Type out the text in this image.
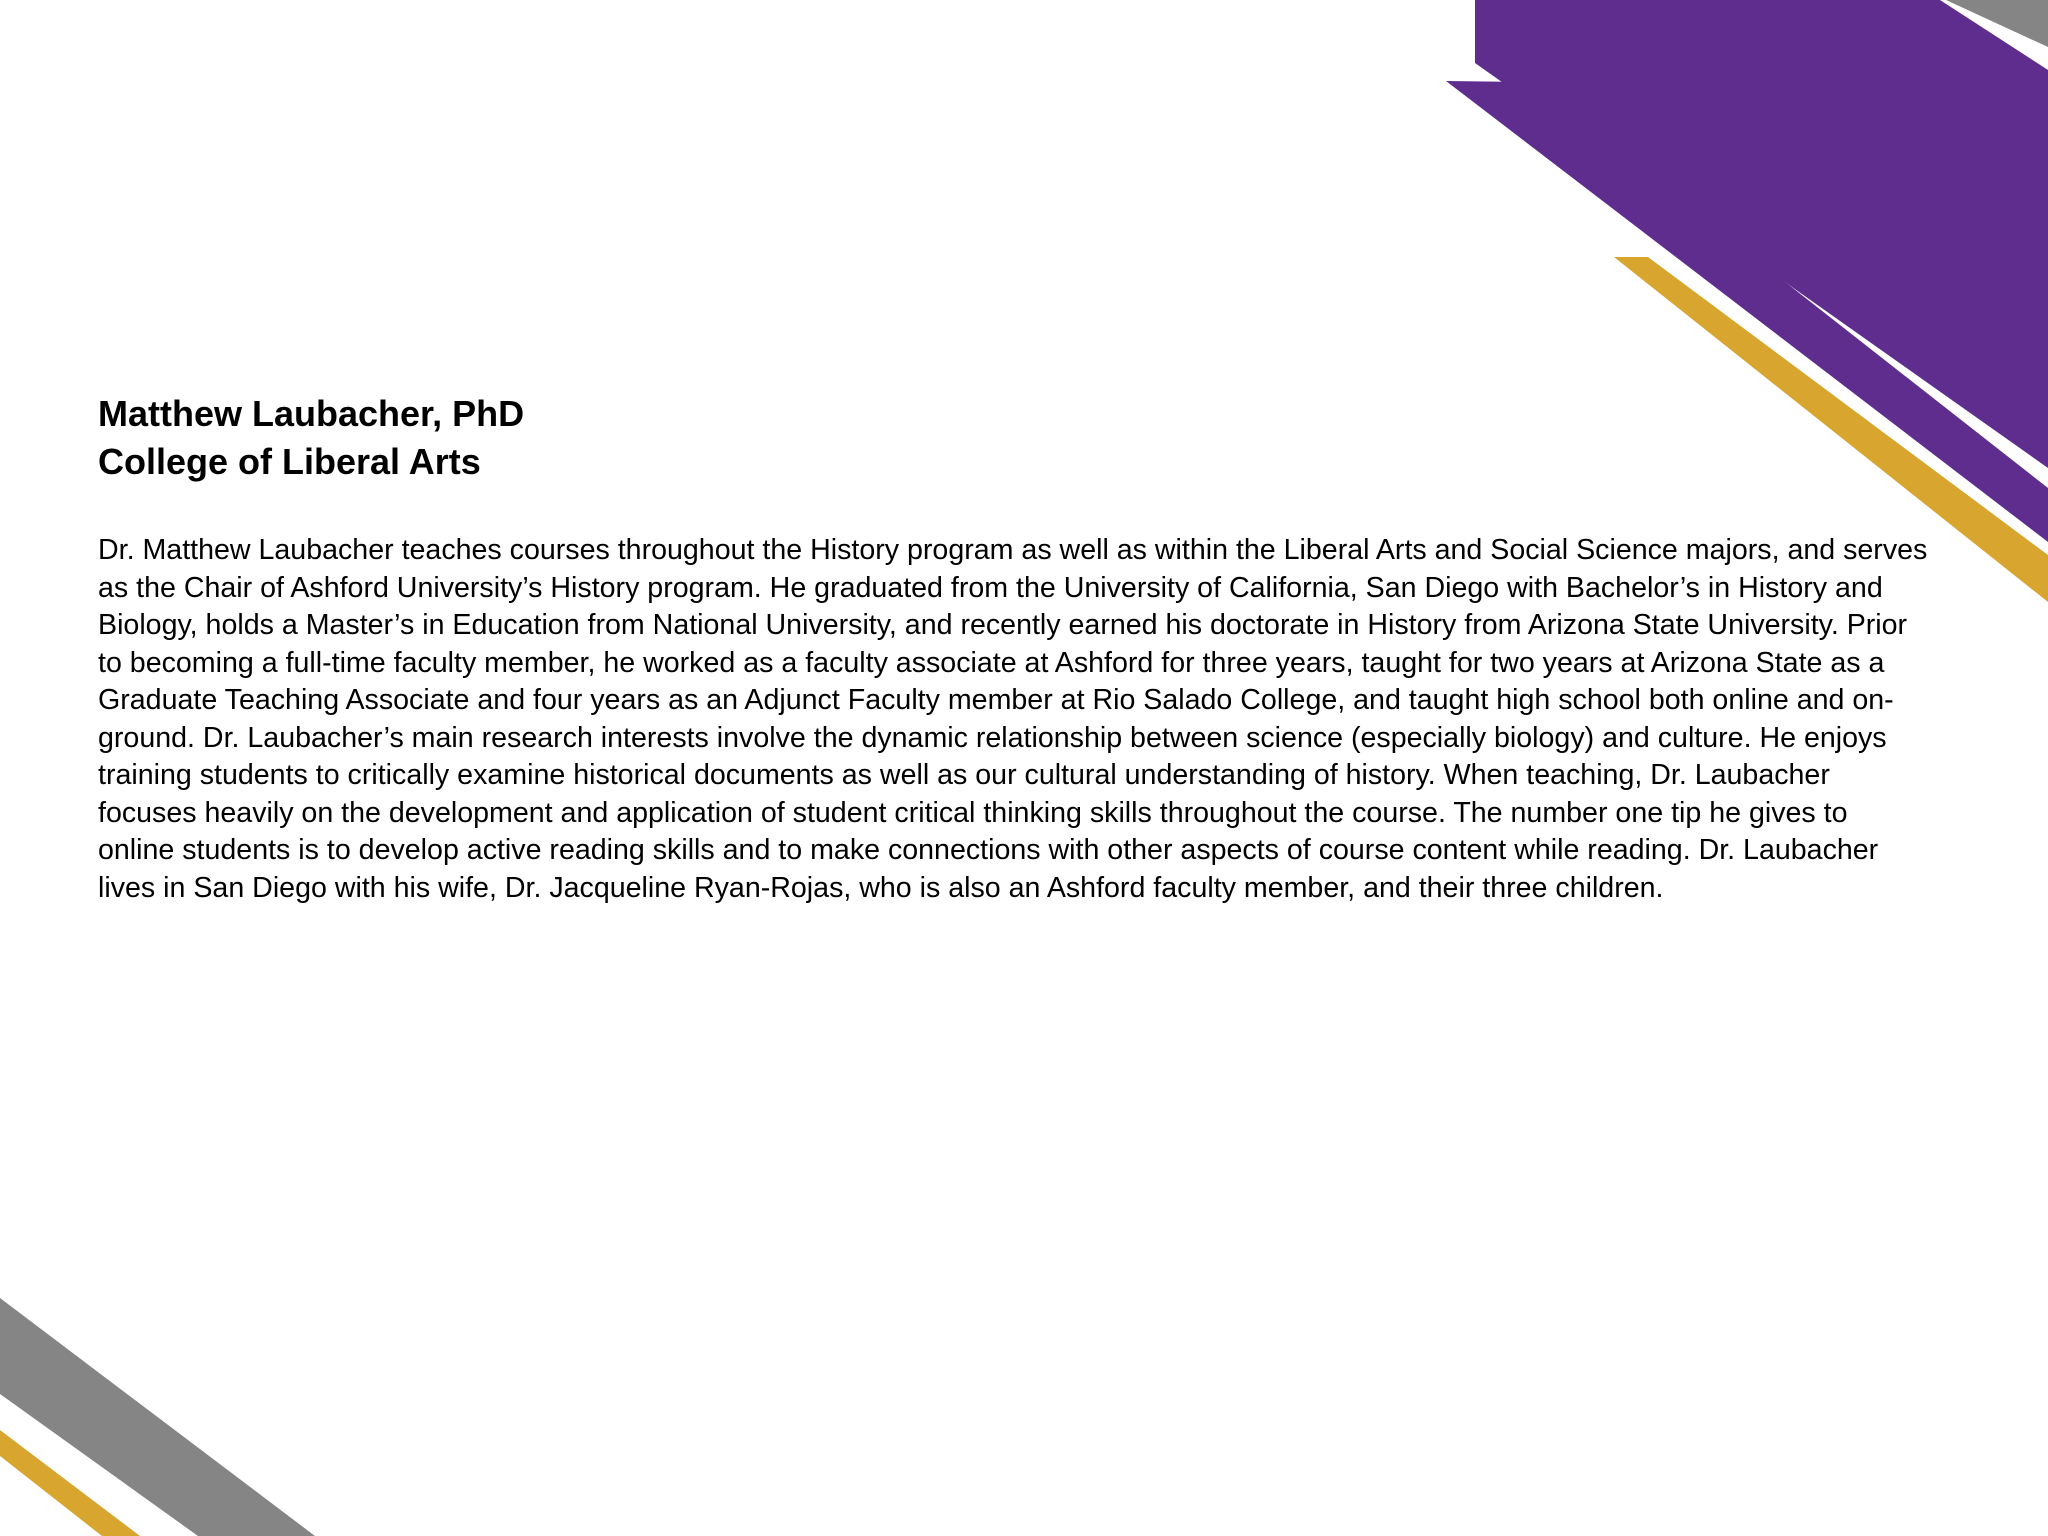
Matthew Laubacher, PhD
College of Liberal Arts

Dr. Matthew Laubacher teaches courses throughout the History program as well as within the Liberal Arts and Social Science majors, and serves as the Chair of Ashford University’s History program. He graduated from the University of California, San Diego with Bachelor’s in History and Biology, holds a Master’s in Education from National University, and recently earned his doctorate in History from Arizona State University. Prior to becoming a full-time faculty member, he worked as a faculty associate at Ashford for three years, taught for two years at Arizona State as a Graduate Teaching Associate and four years as an Adjunct Faculty member at Rio Salado College, and taught high school both online and on-ground. Dr. Laubacher’s main research interests involve the dynamic relationship between science (especially biology) and culture. He enjoys training students to critically examine historical documents as well as our cultural understanding of history. When teaching, Dr. Laubacher focuses heavily on the development and application of student critical thinking skills throughout the course. The number one tip he gives to online students is to develop active reading skills and to make connections with other aspects of course content while reading. Dr. Laubacher lives in San Diego with his wife, Dr. Jacqueline Ryan-Rojas, who is also an Ashford faculty member, and their three children.
